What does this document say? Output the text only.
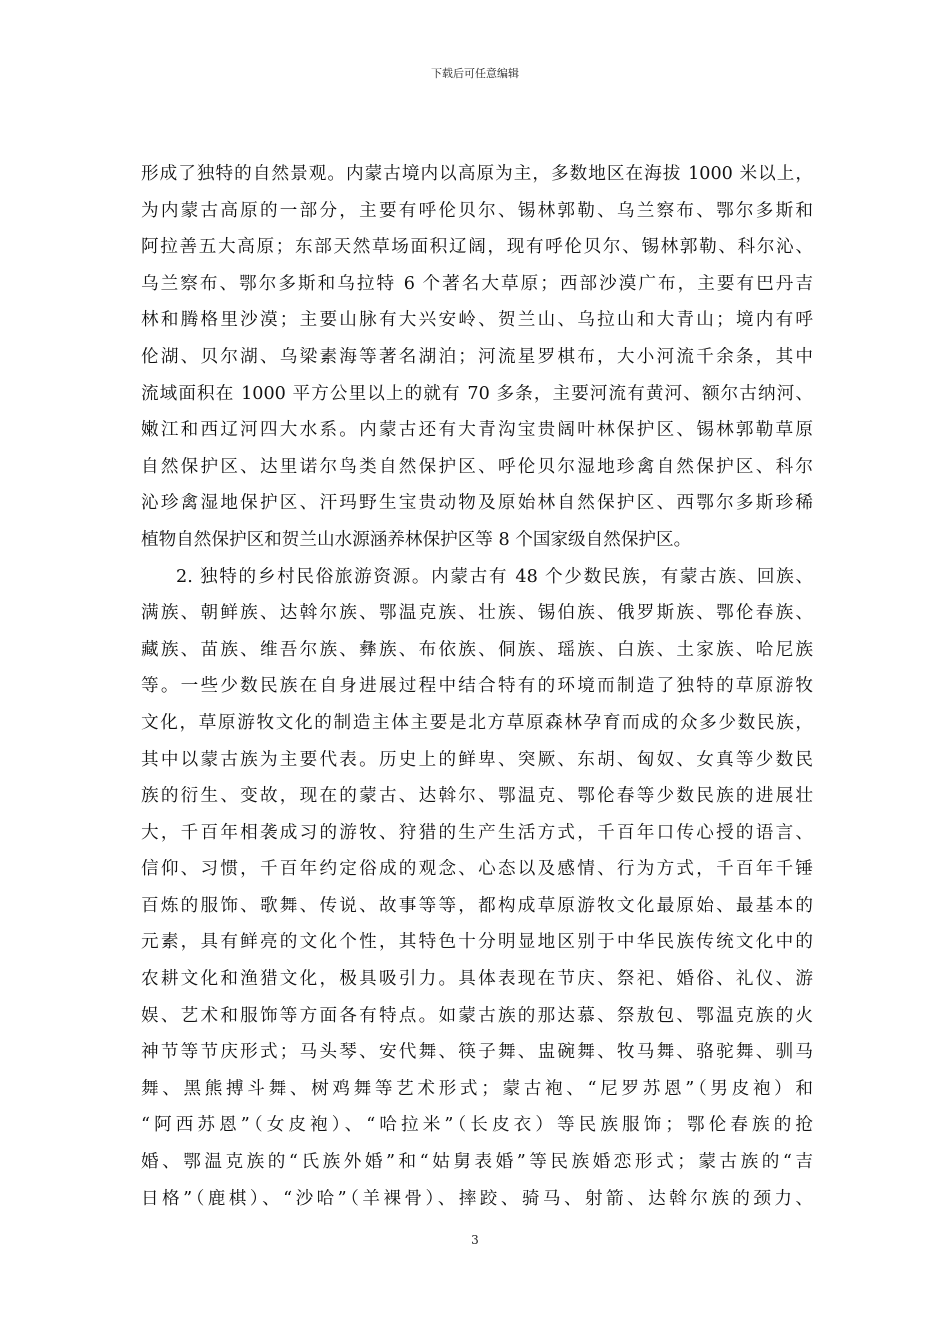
下载后可任意编辑
形成了独特的自然景观。内蒙古境内以高原为主，多数地区在海拔 1000 米以上，
为内蒙古高原的一部分，主要有呼伦贝尔、锡林郭勒、乌兰察布、鄂尔多斯和
阿拉善五大高原；东部天然草场面积辽阔，现有呼伦贝尔、锡林郭勒、科尔沁、
乌兰察布、鄂尔多斯和乌拉特 6 个著名大草原；西部沙漠广布，主要有巴丹吉
林和腾格里沙漠；主要山脉有大兴安岭、贺兰山、乌拉山和大青山；境内有呼
伦湖、贝尔湖、乌梁素海等著名湖泊；河流星罗棋布，大小河流千余条，其中
流域面积在 1000 平方公里以上的就有 70 多条，主要河流有黄河、额尔古纳河、
嫩江和西辽河四大水系。内蒙古还有大青沟宝贵阔叶林保护区、锡林郭勒草原
自然保护区、达里诺尔鸟类自然保护区、呼伦贝尔湿地珍禽自然保护区、科尔
沁珍禽湿地保护区、汗玛野生宝贵动物及原始林自然保护区、西鄂尔多斯珍稀
植物自然保护区和贺兰山水源涵养林保护区等 8 个国家级自然保护区。
2. 独特的乡村民俗旅游资源。内蒙古有 48 个少数民族，有蒙古族、回族、
满族、朝鲜族、达斡尔族、鄂温克族、壮族、锡伯族、俄罗斯族、鄂伦春族、
藏族、苗族、维吾尔族、彝族、布依族、侗族、瑶族、白族、土家族、哈尼族
等。一些少数民族在自身进展过程中结合特有的环境而制造了独特的草原游牧
文化，草原游牧文化的制造主体主要是北方草原森林孕育而成的众多少数民族，
其中以蒙古族为主要代表。历史上的鲜卑、突厥、东胡、匈奴、女真等少数民
族的衍生、变故，现在的蒙古、达斡尔、鄂温克、鄂伦春等少数民族的进展壮
大，千百年相袭成习的游牧、狩猎的生产生活方式，千百年口传心授的语言、
信仰、习惯，千百年约定俗成的观念、心态以及感情、行为方式，千百年千锤
百炼的服饰、歌舞、传说、故事等等，都构成草原游牧文化最原始、最基本的
元素，具有鲜亮的文化个性，其特色十分明显地区别于中华民族传统文化中的
农耕文化和渔猎文化，极具吸引力。具体表现在节庆、祭祀、婚俗、礼仪、游
娱、艺术和服饰等方面各有特点。如蒙古族的那达慕、祭敖包、鄂温克族的火
神节等节庆形式；马头琴、安代舞、筷子舞、盅碗舞、牧马舞、骆驼舞、驯马
舞、黑熊搏斗舞、树鸡舞等艺术形式；蒙古袍、“尼罗苏恩”（男皮袍）和
“阿西苏恩”（女皮袍）、“哈拉米”（长皮衣）等民族服饰；鄂伦春族的抢
婚、鄂温克族的“氏族外婚”和“姑舅表婚”等民族婚恋形式；蒙古族的“吉
日格”（鹿棋）、“沙哈”（羊裸骨）、摔跤、骑马、射箭、达斡尔族的颈力、
3
